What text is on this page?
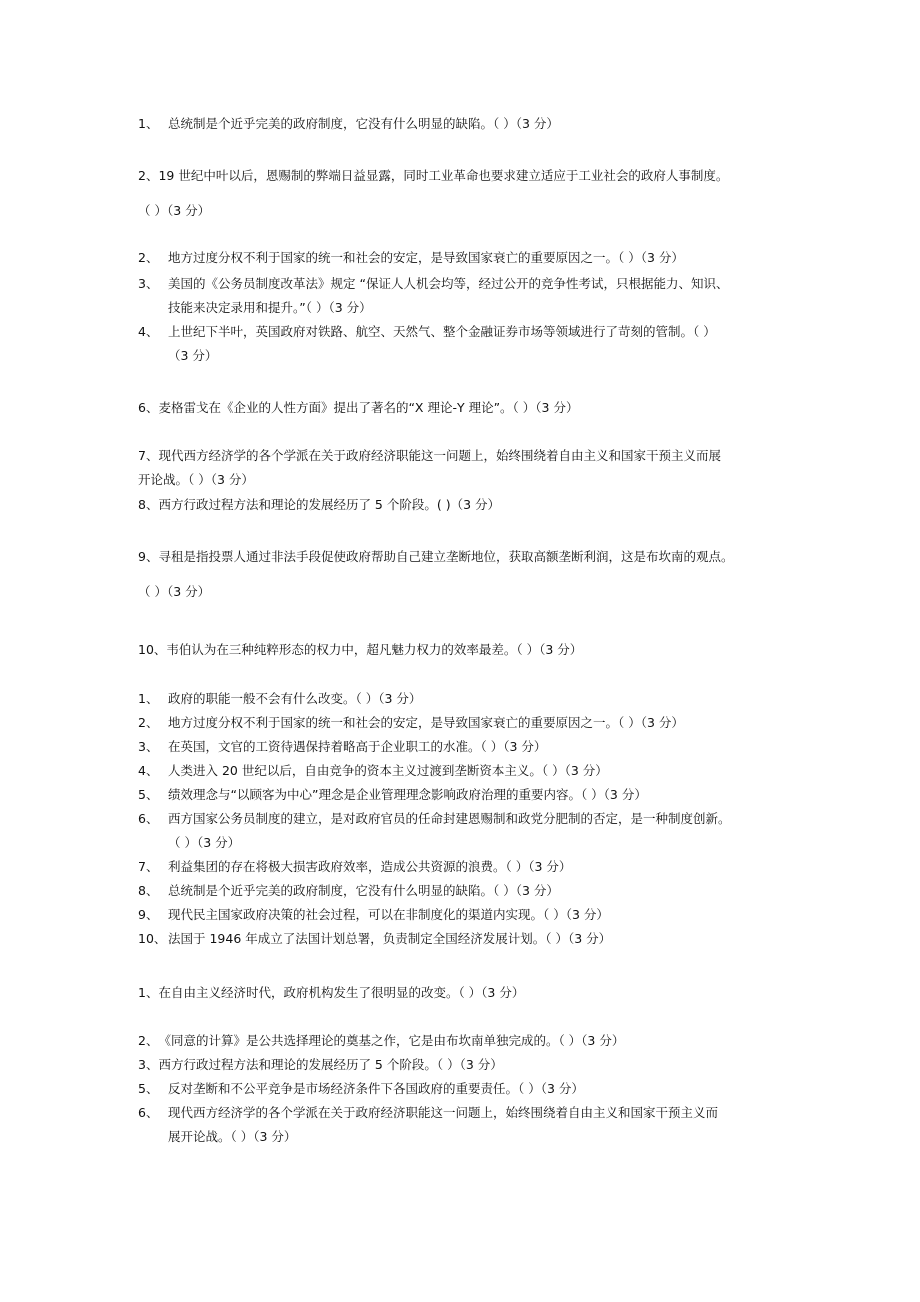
1、 总统制是个近乎完美的政府制度，它没有什么明显的缺陷。（ ）（3 分）
2、19 世纪中叶以后，恩赐制的弊端日益显露，同时工业革命也要求建立适应于工业社会的政府人事制度。
（ ）（3 分）
2、 地方过度分权不利于国家的统一和社会的安定，是导致国家衰亡的重要原因之一。（ ）（3 分）
3、 美国的《公务员制度改革法》规定 “保证人人机会均等，经过公开的竞争性考试，只根据能力、知识、
技能来决定录用和提升。”（ ）（3 分）
4、 上世纪下半叶，英国政府对铁路、航空、天然气、整个金融证券市场等领域进行了苛刻的管制。（ ）
（3 分）
6、麦格雷戈在《企业的人性方面》提出了著名的“X 理论-Y 理论”。（ ）（3 分）
7、现代西方经济学的各个学派在关于政府经济职能这一问题上，始终围绕着自由主义和国家干预主义而展
开论战。（ ）（3 分）
8、西方行政过程方法和理论的发展经历了 5 个阶段。( )（3 分）
9、寻租是指投票人通过非法手段促使政府帮助自己建立垄断地位，获取高额垄断利润，这是布坎南的观点。
（ ）（3 分）
10、韦伯认为在三种纯粹形态的权力中，超凡魅力权力的效率最差。（ ）（3 分）
1、 政府的职能一般不会有什么改变。（ ）（3 分）
2、 地方过度分权不利于国家的统一和社会的安定，是导致国家衰亡的重要原因之一。（ ）（3 分）
3、 在英国，文官的工资待遇保持着略高于企业职工的水准。（ ）（3 分）
4、 人类进入 20 世纪以后，自由竞争的资本主义过渡到垄断资本主义。（ ）（3 分）
5、 绩效理念与“以顾客为中心”理念是企业管理理念影响政府治理的重要内容。（ ）（3 分）
6、 西方国家公务员制度的建立，是对政府官员的任命封建恩赐制和政党分肥制的否定，是一种制度创新。
（ ）（3 分）
7、 利益集团的存在将极大损害政府效率，造成公共资源的浪费。（ ）（3 分）
8、 总统制是个近乎完美的政府制度，它没有什么明显的缺陷。（ ）（3 分）
9、 现代民主国家政府决策的社会过程，可以在非制度化的渠道内实现。（ ）（3 分）
10、 法国于 1946 年成立了法国计划总署，负责制定全国经济发展计划。（ ）（3 分）
1、在自由主义经济时代，政府机构发生了很明显的改变。（ ）（3 分）
2、《同意的计算》是公共选择理论的奠基之作，它是由布坎南单独完成的。（ ）（3 分）
3、西方行政过程方法和理论的发展经历了 5 个阶段。（ ）（3 分）
5、 反对垄断和不公平竞争是市场经济条件下各国政府的重要责任。（ ）（3 分）
6、 现代西方经济学的各个学派在关于政府经济职能这一问题上，始终围绕着自由主义和国家干预主义而
展开论战。（ ）（3 分）
